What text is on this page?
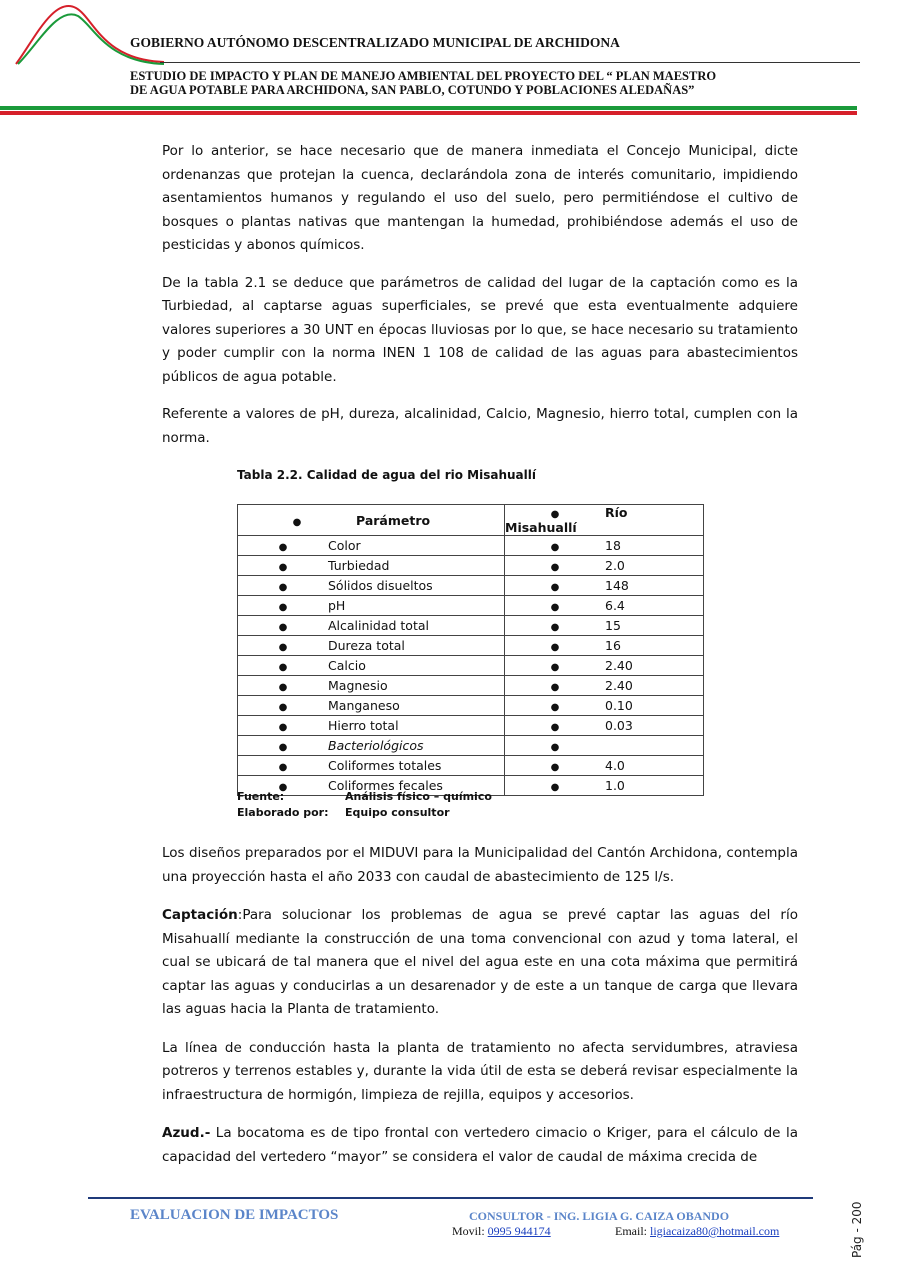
GOBIERNO AUTÓNOMO DESCENTRALIZADO MUNICIPAL DE ARCHIDONA
ESTUDIO DE IMPACTO Y PLAN DE MANEJO AMBIENTAL DEL PROYECTO DEL “ PLAN MAESTRO
DE AGUA POTABLE PARA ARCHIDONA, SAN PABLO, COTUNDO Y POBLACIONES ALEDAÑAS”

Por lo anterior, se hace necesario que de manera inmediata el Concejo Municipal, dicte ordenanzas que protejan la cuenca, declarándola zona de interés comunitario, impidiendo asentamientos humanos y regulando el uso del suelo, pero permitiéndose el cultivo de bosques o plantas nativas que mantengan la humedad, prohibiéndose además el uso de pesticidas y abonos químicos.

De la tabla 2.1 se deduce que parámetros de calidad del lugar de la captación como es la Turbiedad, al captarse aguas superficiales, se prevé que esta eventualmente adquiere valores superiores a 30 UNT en épocas lluviosas por lo que, se hace necesario su tratamiento y poder cumplir con la norma INEN 1 108 de calidad de las aguas para abastecimientos públicos de agua potable.

Referente a valores de pH, dureza, alcalinidad, Calcio, Magnesio, hierro total, cumplen con la norma.

Tabla 2.2. Calidad de agua del rio Misahuallí
● Parámetro	● Río Misahuallí
● Color	● 18
● Turbiedad	● 2.0
● Sólidos disueltos	● 148
● pH	● 6.4
● Alcalinidad total	● 15
● Dureza total	● 16
● Calcio	● 2.40
● Magnesio	● 2.40
● Manganeso	● 0.10
● Hierro total	● 0.03
● Bacteriológicos	●
● Coliformes totales	● 4.0
● Coliformes fecales	● 1.0
Fuente:	Análisis físico – químico
Elaborado por: Equipo consultor

Los diseños preparados por el MIDUVI para la Municipalidad del Cantón Archidona, contempla una proyección hasta el año 2033 con caudal de abastecimiento de 125 l/s.

Captación:Para solucionar los problemas de agua se prevé captar las aguas del río Misahuallí mediante la construcción de una toma convencional con azud y toma lateral, el cual se ubicará de tal manera que el nivel del agua este en una cota máxima que permitirá captar las aguas y conducirlas a un desarenador y de este a un tanque de carga que llevara las aguas hacia la Planta de tratamiento.

La línea de conducción hasta la planta de tratamiento no afecta servidumbres, atraviesa potreros y terrenos estables y, durante la vida útil de esta se deberá revisar especialmente la infraestructura de hormigón, limpieza de rejilla, equipos y accesorios.

Azud.- La bocatoma es de tipo frontal con vertedero cimacio o Kriger, para el cálculo de la capacidad del vertedero “mayor” se considera el valor de caudal de máxima crecida de

EVALUACION DE IMPACTOS	CONSULTOR - ING. LIGIA G. CAIZA OBANDO
Movil: 0995 944174	Email: ligiacaiza80@hotmail.com	Pág - 200
